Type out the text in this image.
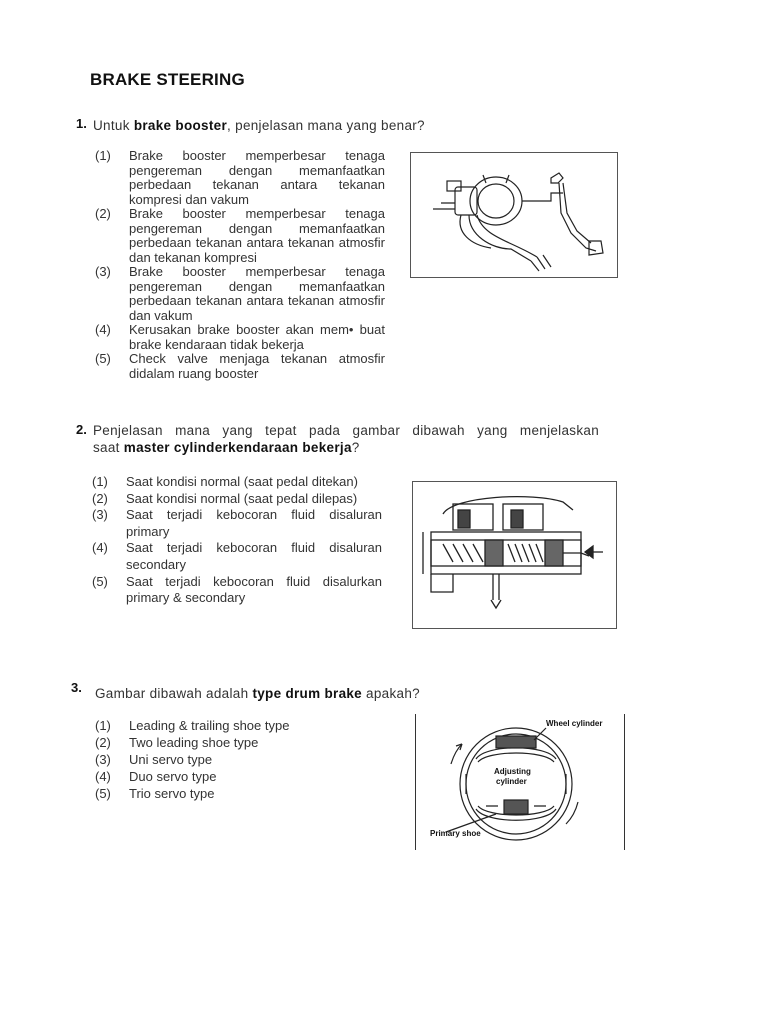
BRAKE STEERING
1. Untuk brake booster, penjelasan mana yang benar?
(1)	Brake booster memperbesar tenaga pengereman dengan memanfaatkan perbedaan tekanan antara tekanan kompresi dan vakum
(2)	Brake booster memperbesar tenaga pengereman dengan memanfaatkan perbedaan tekanan antara tekanan atmosfir dan tekanan kompresi
(3)	Brake booster memperbesar tenaga pengereman dengan memanfaatkan perbedaan tekanan antara tekanan atmosfir dan vakum
(4)	Kerusakan brake booster akan mem• buat brake kendaraan tidak bekerja
(5)	Check valve menjaga tekanan atmosfir didalam ruang booster
2. Penjelasan mana yang tepat pada gambar dibawah yang menjelaskan
saat master cylinderkendaraan bekerja?
(1)	Saat kondisi normal (saat pedal ditekan)
(2)	Saat kondisi normal (saat pedal dilepas)
(3)	Saat terjadi kebocoran fluid disaluran primary
(4)	Saat terjadi kebocoran fluid disaluran secondary
(5)	Saat terjadi kebocoran fluid disalurkan primary & secondary
3. Gambar dibawah adalah type drum brake apakah?
(1)	Leading & trailing shoe type
(2)	Two leading shoe type
(3)	Uni servo type
(4)	Duo servo type
(5)	Trio servo type
Wheel cylinder
Adjusting
cylinder
Primary shoe
